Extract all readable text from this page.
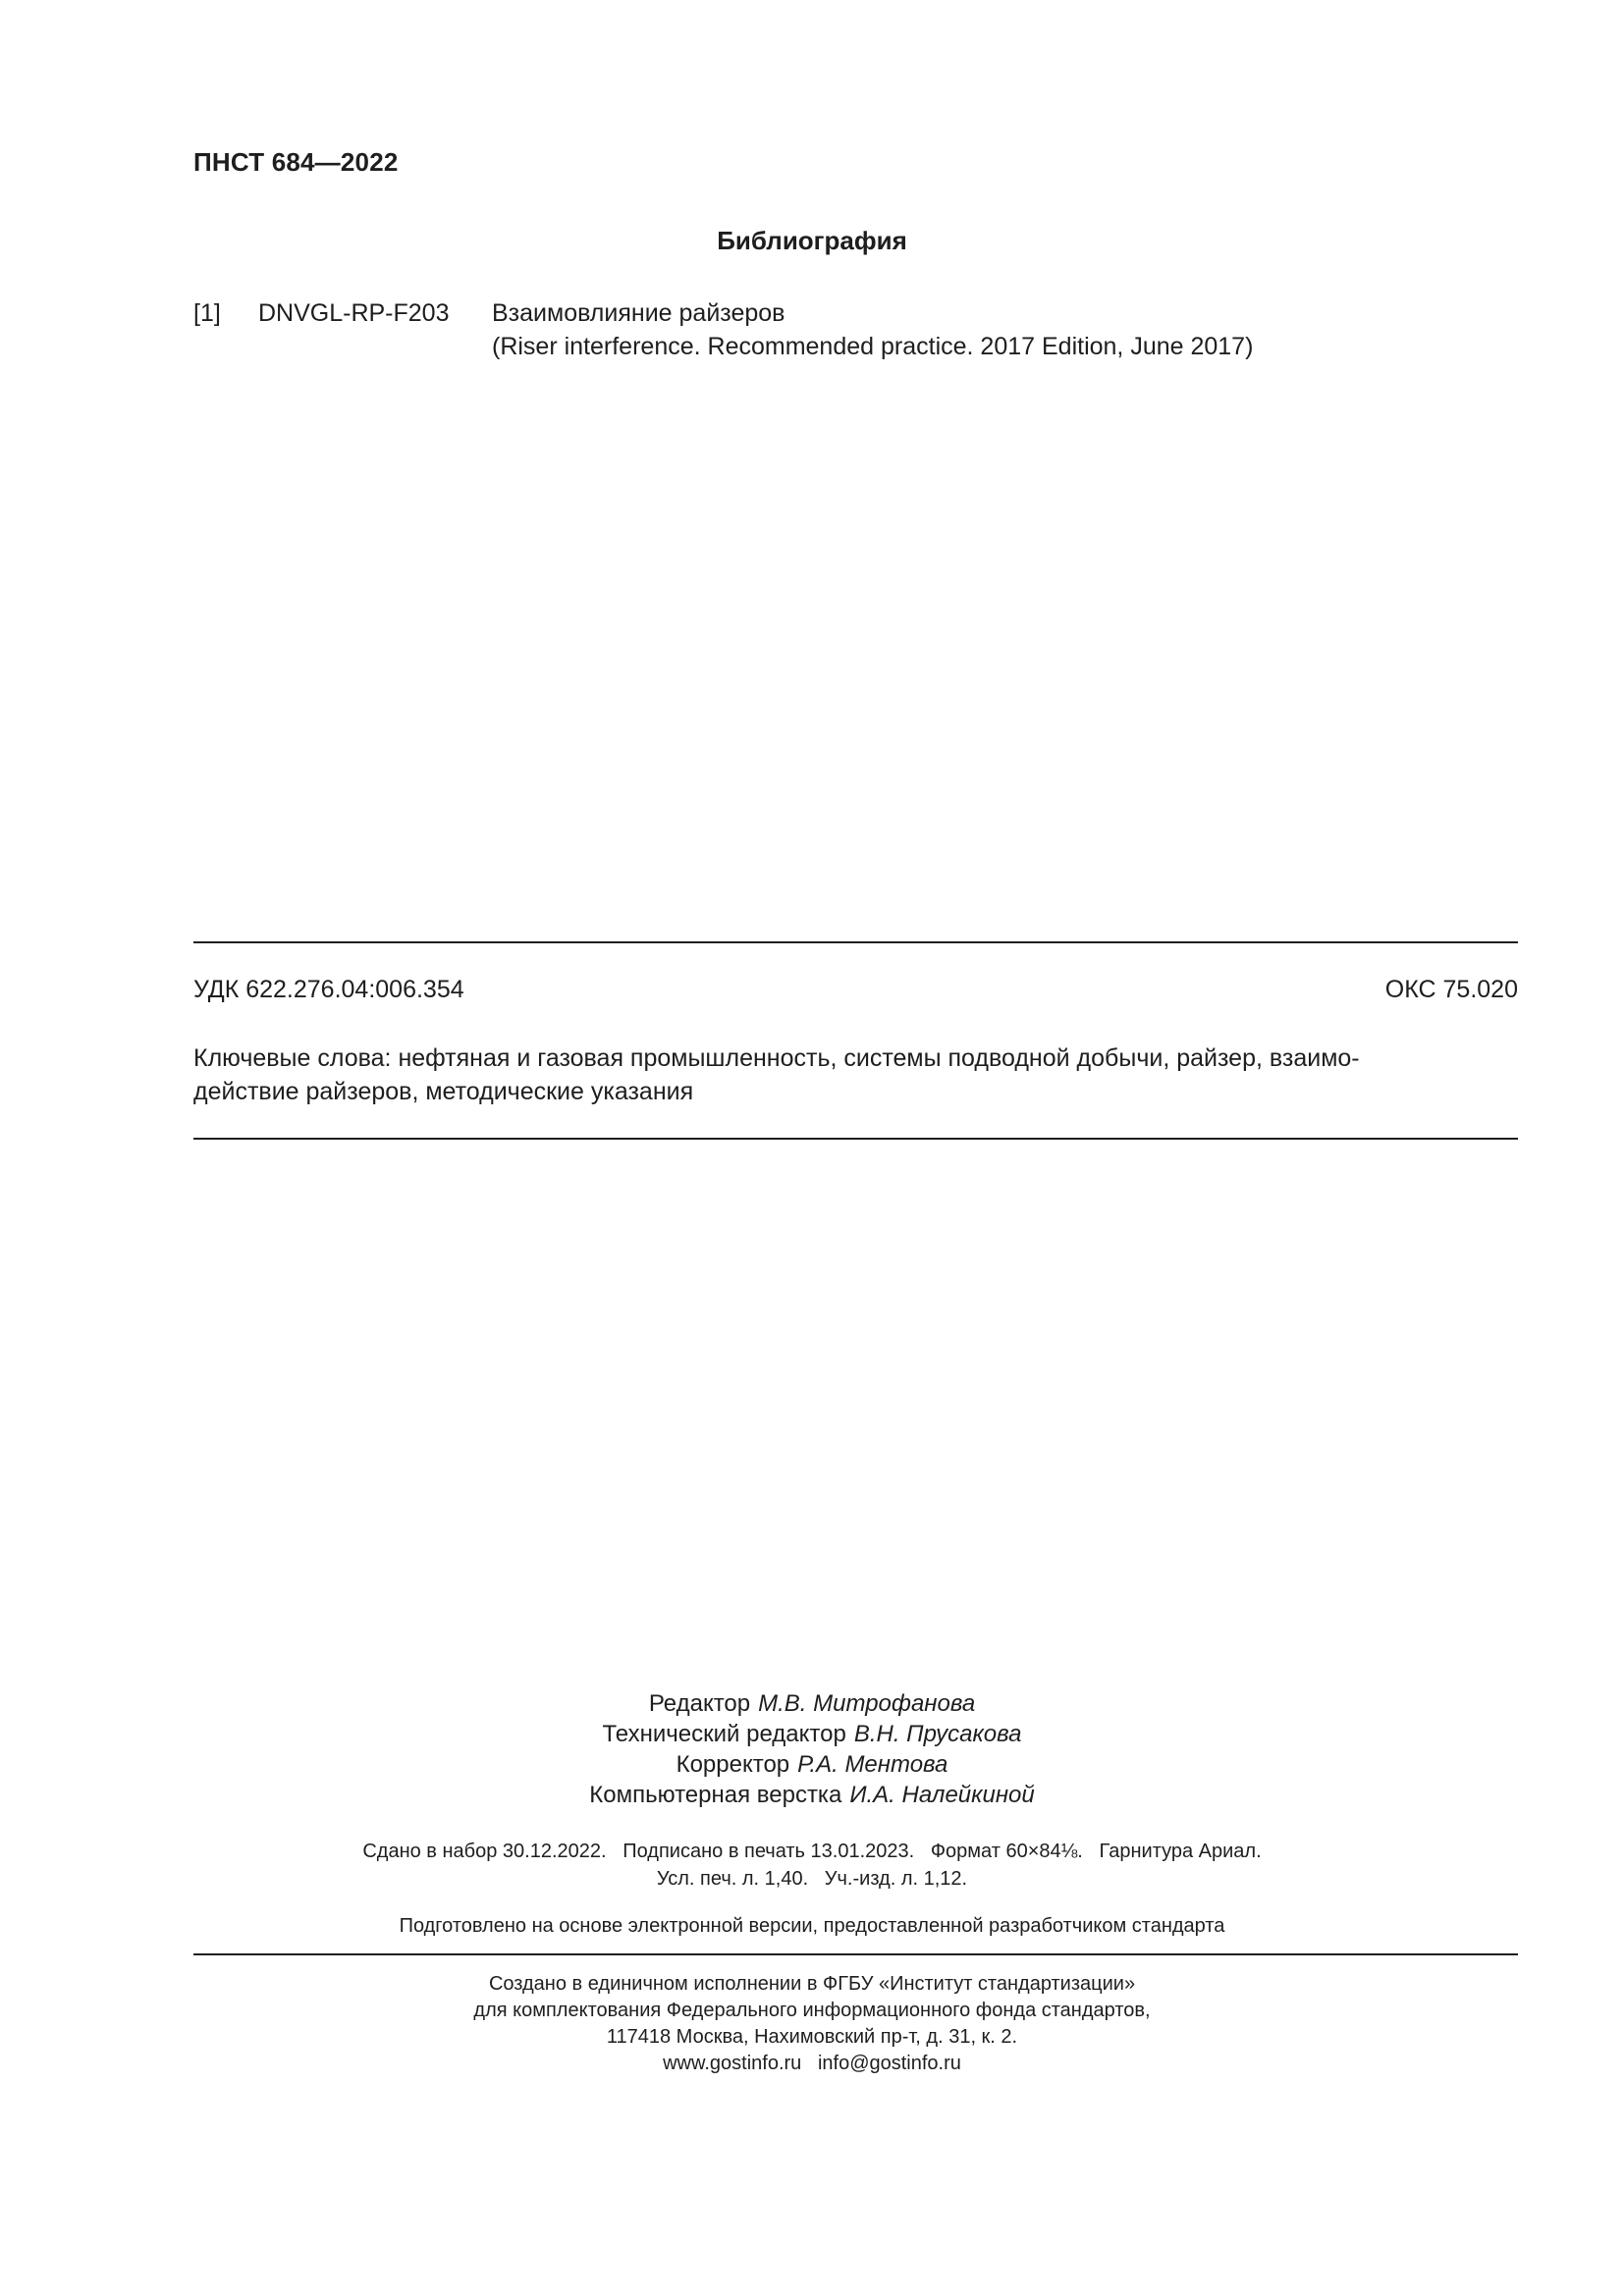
ПНСТ 684—2022
Библиография
[1] DNVGL-RP-F203 Взаимовлияние райзеров
(Riser interference. Recommended practice. 2017 Edition, June 2017)
УДК 622.276.04:006.354	ОКС 75.020
Ключевые слова: нефтяная и газовая промышленность, системы подводной добычи, райзер, взаимо-
действие райзеров, методические указания
Редактор М.В. Митрофанова
Технический редактор В.Н. Прусакова
Корректор Р.А. Ментова
Компьютерная верстка И.А. Налейкиной
Сдано в набор 30.12.2022.   Подписано в печать 13.01.2023.   Формат 60×84⅛.   Гарнитура Ариал.
Усл. печ. л. 1,40.   Уч.-изд. л. 1,12.
Подготовлено на основе электронной версии, предоставленной разработчиком стандарта
Создано в единичном исполнении в ФГБУ «Институт стандартизации»
для комплектования Федерального информационного фонда стандартов,
117418 Москва, Нахимовский пр-т, д. 31, к. 2.
www.gostinfo.ru   info@gostinfo.ru
